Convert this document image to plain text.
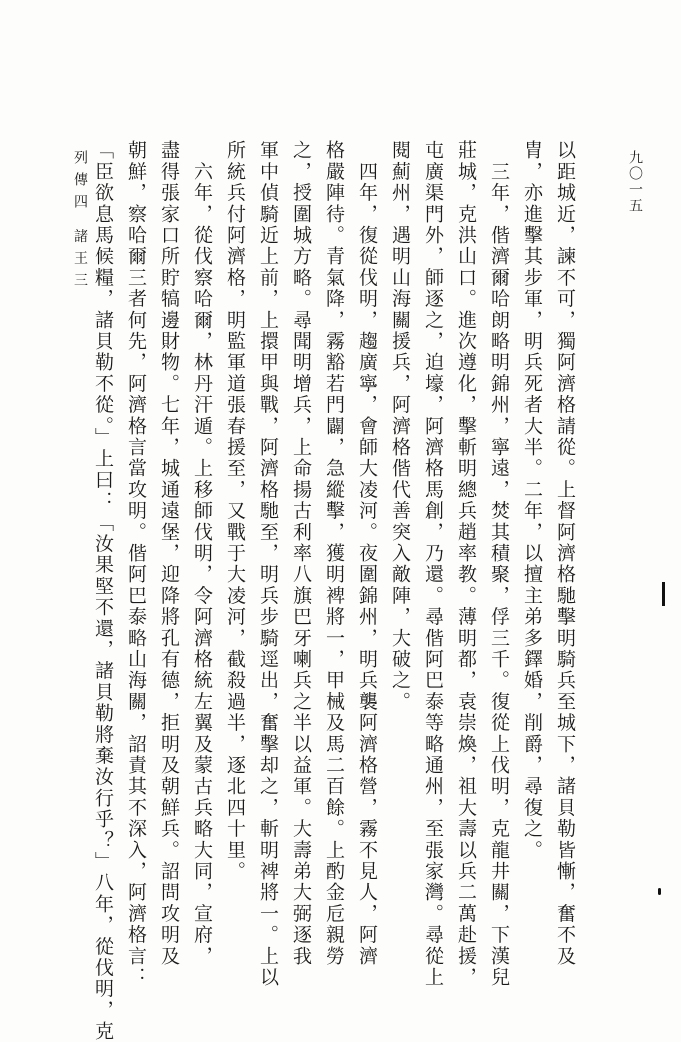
列傳四 諸王三	九〇一五
以距城近，諫不可，獨阿濟格請從。上督阿濟格馳擊明騎兵至城下，諸貝勒皆慚，奮不及
胄，亦進擊其步軍，明兵死者大半。二年，以擅主弟多鐸婚，削爵，尋復之。
　三年，偕濟爾哈朗略明錦州，寧遠，焚其積聚，俘三千。復從上伐明，克龍井關，下漢兒
莊城，克洪山口。進次遵化，擊斬明總兵趙率教。薄明都，袁崇煥，祖大壽以兵二萬赴援，
屯廣渠門外，師逐之，迫壕，阿濟格馬創，乃還。尋偕阿巴泰等略通州，至張家灣。尋從上
閱薊州，遇明山海關援兵，阿濟格偕代善突入敵陣，大破之。
　四年，復從伐明，趨廣寧，會師大凌河。夜圍錦州，明兵襲阿濟格營，霧不見人，阿濟
格嚴陣待。青氣降，霧豁若門闢，急縱擊，獲明裨將一，甲械及馬二百餘。上酌金卮親勞
之，授圍城方略。尋聞明增兵，上命揚古利率八旗巴牙喇兵之半以益軍。大壽弟大弼逐我
軍中偵騎近上前，上擐甲與戰，阿濟格馳至，明兵步騎逕出，奮擊却之，斬明裨將一。上以
所統兵付阿濟格，明監軍道張春援至，又戰于大凌河，截殺過半，逐北四十里。
　六年，從伐察哈爾，林丹汗遁。上移師伐明，令阿濟格統左翼及蒙古兵略大同，宣府，
盡得張家口所貯犒邊財物。七年，城通遠堡，迎降將孔有德，拒明及朝鮮兵。詔問攻明及
朝鮮，察哈爾三者何先，阿濟格言當攻明。偕阿巴泰略山海關，詔責其不深入，阿濟格言：
「臣欲息馬候糧，諸貝勒不從。」上曰：「汝果堅不還，諸貝勒將棄汝行乎？」八年，從伐明，克
